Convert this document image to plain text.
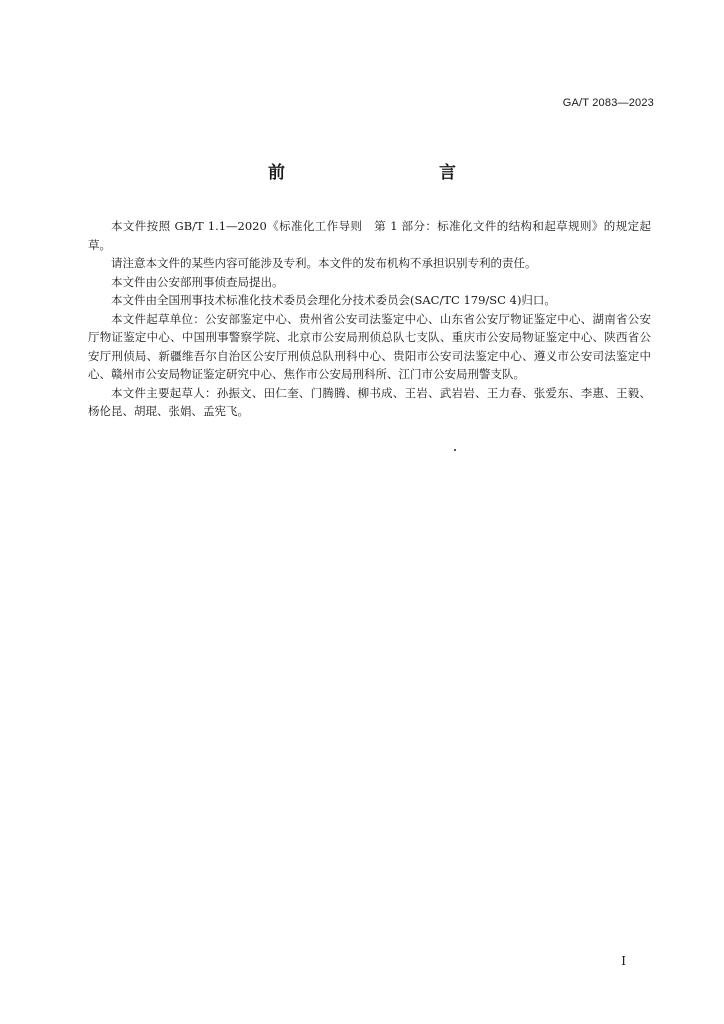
GA/T 2083—2023
前　　言

本文件按照 GB/T 1.1—2020《标准化工作导则　第 1 部分：标准化文件的结构和起草规则》的规定起草。

请注意本文件的某些内容可能涉及专利。本文件的发布机构不承担识别专利的责任。

本文件由公安部刑事侦查局提出。

本文件由全国刑事技术标准化技术委员会理化分技术委员会(SAC/TC 179/SC 4)归口。

本文件起草单位：公安部鉴定中心、贵州省公安司法鉴定中心、山东省公安厅物证鉴定中心、湖南省公安厅物证鉴定中心、中国刑事警察学院、北京市公安局刑侦总队七支队、重庆市公安局物证鉴定中心、陕西省公安厅刑侦局、新疆维吾尔自治区公安厅刑侦总队刑科中心、贵阳市公安司法鉴定中心、遵义市公安司法鉴定中心、赣州市公安局物证鉴定研究中心、焦作市公安局刑科所、江门市公安局刑警支队。

本文件主要起草人：孙振文、田仁奎、门腾腾、柳书成、王岩、武岩岩、王力春、张爱东、李惠、王毅、杨伦昆、胡琨、张娟、孟宪飞。

I
